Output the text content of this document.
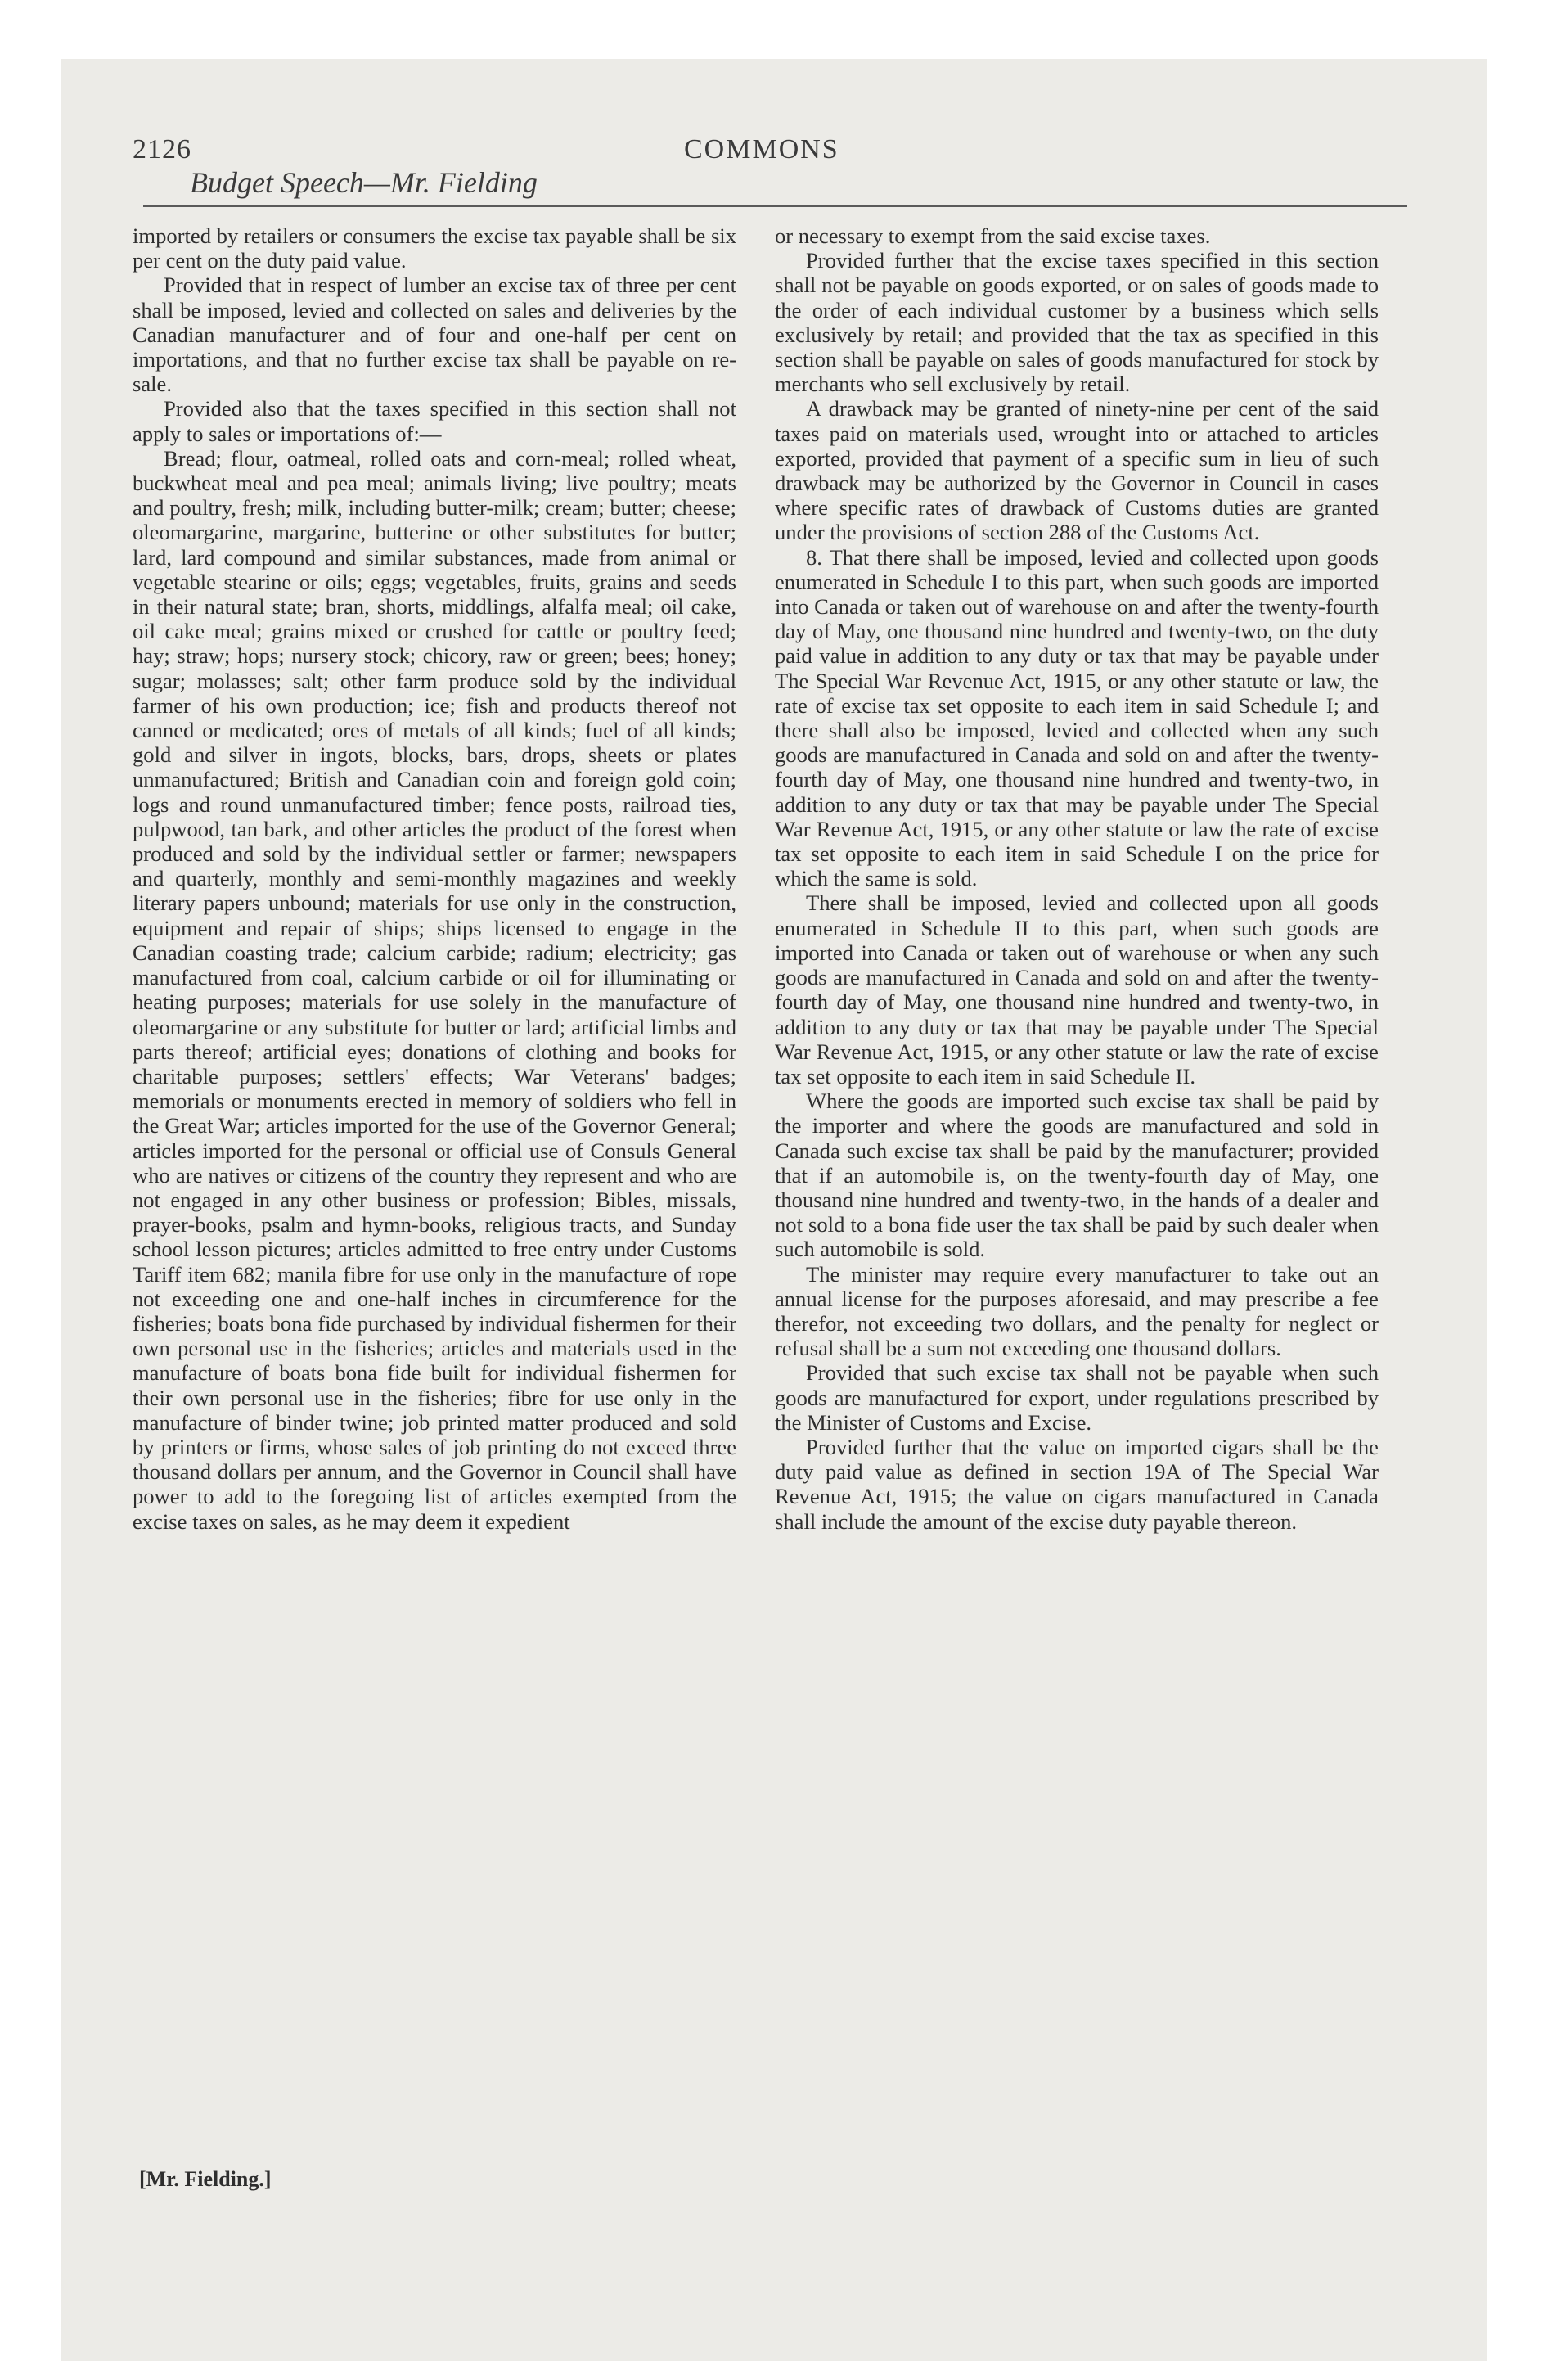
2126
Budget Speech—Mr. Fielding
COMMONS

imported by retailers or consumers the excise tax payable shall be six per cent on the duty paid value.

Provided that in respect of lumber an excise tax of three per cent shall be imposed, levied and collected on sales and deliveries by the Canadian manufacturer and of four and one-half per cent on importations, and that no further excise tax shall be payable on re-sale.

Provided also that the taxes specified in this section shall not apply to sales or importations of:—

Bread; flour, oatmeal, rolled oats and corn-meal; rolled wheat, buckwheat meal and pea meal; animals living; live poultry; meats and poultry, fresh; milk, including butter-milk; cream; butter; cheese; oleomargarine, margarine, butterine or other substitutes for butter; lard, lard compound and similar substances, made from animal or vegetable stearine or oils; eggs; vegetables, fruits, grains and seeds in their natural state; bran, shorts, middlings, alfalfa meal; oil cake, oil cake meal; grains mixed or crushed for cattle or poultry feed; hay; straw; hops; nursery stock; chicory, raw or green; bees; honey; sugar; molasses; salt; other farm produce sold by the individual farmer of his own production; ice; fish and products thereof not canned or medicated; ores of metals of all kinds; fuel of all kinds; gold and silver in ingots, blocks, bars, drops, sheets or plates unmanufactured; British and Canadian coin and foreign gold coin; logs and round unmanufactured timber; fence posts, railroad ties, pulpwood, tan bark, and other articles the product of the forest when produced and sold by the individual settler or farmer; newspapers and quarterly, monthly and semi-monthly magazines and weekly literary papers unbound; materials for use only in the construction, equipment and repair of ships; ships licensed to engage in the Canadian coasting trade; calcium carbide; radium; electricity; gas manufactured from coal, calcium carbide or oil for illuminating or heating purposes; materials for use solely in the manufacture of oleomargarine or any substitute for butter or lard; artificial limbs and parts thereof; artificial eyes; donations of clothing and books for charitable purposes; settlers' effects; War Veterans' badges; memorials or monuments erected in memory of soldiers who fell in the Great War; articles imported for the use of the Governor General; articles imported for the personal or official use of Consuls General who are natives or citizens of the country they represent and who are not engaged in any other business or profession; Bibles, missals, prayer-books, psalm and hymn-books, religious tracts, and Sunday school lesson pictures; articles admitted to free entry under Customs Tariff item 682; manila fibre for use only in the manufacture of rope not exceeding one and one-half inches in circumference for the fisheries; boats bona fide purchased by individual fishermen for their own personal use in the fisheries; articles and materials used in the manufacture of boats bona fide built for individual fishermen for their own personal use in the fisheries; fibre for use only in the manufacture of binder twine; job printed matter produced and sold by printers or firms, whose sales of job printing do not exceed three thousand dollars per annum, and the Governor in Council shall have power to add to the foregoing list of articles exempted from the excise taxes on sales, as he may deem it expedient

[Mr. Fielding.]

or necessary to exempt from the said excise taxes.

Provided further that the excise taxes specified in this section shall not be payable on goods exported, or on sales of goods made to the order of each individual customer by a business which sells exclusively by retail; and provided that the tax as specified in this section shall be payable on sales of goods manufactured for stock by merchants who sell exclusively by retail.

A drawback may be granted of ninety-nine per cent of the said taxes paid on materials used, wrought into or attached to articles exported, provided that payment of a specific sum in lieu of such drawback may be authorized by the Governor in Council in cases where specific rates of drawback of Customs duties are granted under the provisions of section 288 of the Customs Act.

8. That there shall be imposed, levied and collected upon goods enumerated in Schedule I to this part, when such goods are imported into Canada or taken out of warehouse on and after the twenty-fourth day of May, one thousand nine hundred and twenty-two, on the duty paid value in addition to any duty or tax that may be payable under The Special War Revenue Act, 1915, or any other statute or law, the rate of excise tax set opposite to each item in said Schedule I; and there shall also be imposed, levied and collected when any such goods are manufactured in Canada and sold on and after the twenty-fourth day of May, one thousand nine hundred and twenty-two, in addition to any duty or tax that may be payable under The Special War Revenue Act, 1915, or any other statute or law the rate of excise tax set opposite to each item in said Schedule I on the price for which the same is sold.

There shall be imposed, levied and collected upon all goods enumerated in Schedule II to this part, when such goods are imported into Canada or taken out of warehouse or when any such goods are manufactured in Canada and sold on and after the twenty-fourth day of May, one thousand nine hundred and twenty-two, in addition to any duty or tax that may be payable under The Special War Revenue Act, 1915, or any other statute or law the rate of excise tax set opposite to each item in said Schedule II.

Where the goods are imported such excise tax shall be paid by the importer and where the goods are manufactured and sold in Canada such excise tax shall be paid by the manufacturer; provided that if an automobile is, on the twenty-fourth day of May, one thousand nine hundred and twenty-two, in the hands of a dealer and not sold to a bona fide user the tax shall be paid by such dealer when such automobile is sold.

The minister may require every manufacturer to take out an annual license for the purposes aforesaid, and may prescribe a fee therefor, not exceeding two dollars, and the penalty for neglect or refusal shall be a sum not exceeding one thousand dollars.

Provided that such excise tax shall not be payable when such goods are manufactured for export, under regulations prescribed by the Minister of Customs and Excise.

Provided further that the value on imported cigars shall be the duty paid value as defined in section 19A of The Special War Revenue Act, 1915; the value on cigars manufactured in Canada shall include the amount of the excise duty payable thereon.
